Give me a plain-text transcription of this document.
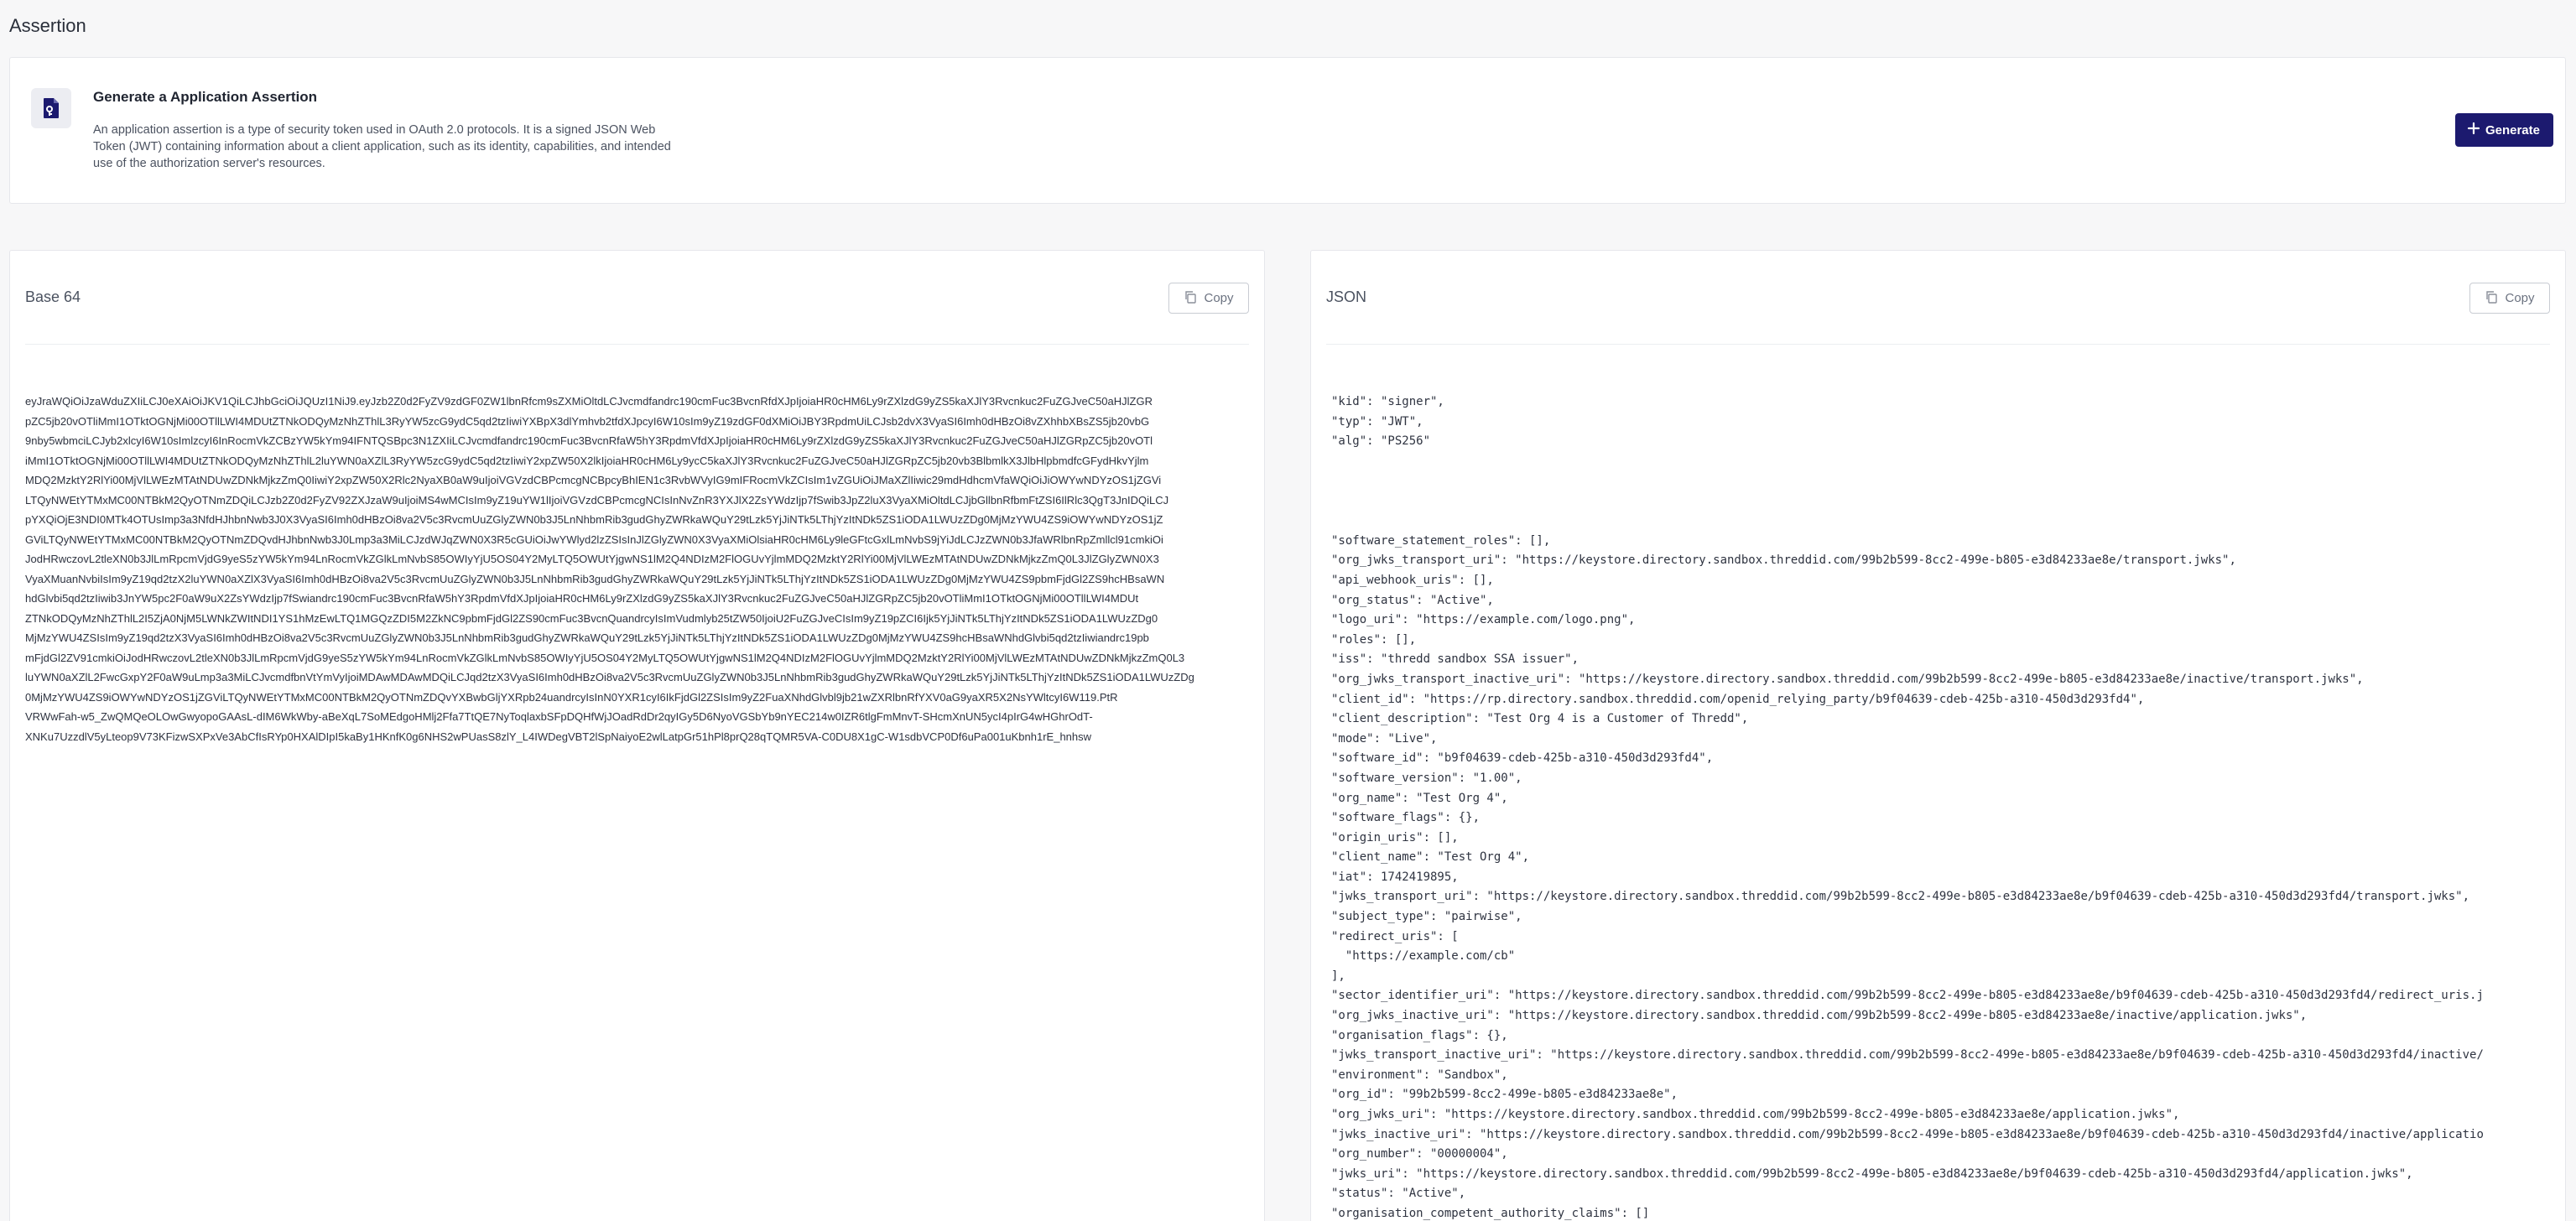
Assertion
Generate a Application Assertion
An application assertion is a type of security token used in OAuth 2.0 protocols. It is a signed JSON Web Token (JWT) containing information about a client application, such as its identity, capabilities, and intended use of the authorization server's resources.
Generate
Base 64	Copy
eyJraWQiOiJzaWduZXIiLCJ0eXAiOiJKV1QiLCJhbGciOiJQUzI1NiJ9.eyJzb2Z0d2FyZV9zdGF0ZW1lbnRfcm9sZXMiOltdLCJvcmdfandrc190cmFuc3BvcnRfdXJpIjoiaHR0cHM6Ly9rZXlzdG9yZS5kaXJlY3Rvcnkuc2FuZGJveC50aHJlZGR
pZC5jb20vOTliMmI1OTktOGNjMi00OTllLWI4MDUtZTNkODQyMzNhZThlL3RyYW5zcG9ydC5qd2tzIiwiYXBpX3dlYmhvb2tfdXJpcyI6W10sIm9yZ19zdGF0dXMiOiJBY3RpdmUiLCJsb2dvX3VyaSI6Imh0dHBzOi8vZXhhbXBsZS5jb20vbG
9nby5wbmciLCJyb2xlcyI6W10sImlzcyI6InRocmVkZCBzYW5kYm94IFNTQSBpc3N1ZXIiLCJvcmdfandrc190cmFuc3BvcnRfaW5hY3RpdmVfdXJpIjoiaHR0cHM6Ly9rZXlzdG9yZS5kaXJlY3Rvcnkuc2FuZGJveC50aHJlZGRpZC5jb20vOTl
iMmI1OTktOGNjMi00OTllLWI4MDUtZTNkODQyMzNhZThlL2luYWN0aXZlL3RyYW5zcG9ydC5qd2tzIiwiY2xpZW50X2lkIjoiaHR0cHM6Ly9ycC5kaXJlY3Rvcnkuc2FuZGJveC50aHJlZGRpZC5jb20vb3BlbmlkX3JlbHlpbmdfcGFydHkvYjlm
MDQ2MzktY2RlYi00MjVlLWEzMTAtNDUwZDNkMjkzZmQ0IiwiY2xpZW50X2Rlc2NyaXB0aW9uIjoiVGVzdCBPcmcgNCBpcyBhIEN1c3RvbWVyIG9mIFRocmVkZCIsIm1vZGUiOiJMaXZlIiwic29mdHdhcmVfaWQiOiJiOWYwNDYzOS1jZGVi
LTQyNWEtYTMxMC00NTBkM2QyOTNmZDQiLCJzb2Z0d2FyZV92ZXJzaW9uIjoiMS4wMCIsIm9yZ19uYW1lIjoiVGVzdCBPcmcgNCIsInNvZnR3YXJlX2ZsYWdzIjp7fSwib3JpZ2luX3VyaXMiOltdLCJjbGllbnRfbmFtZSI6IlRlc3QgT3JnIDQiLCJ
pYXQiOjE3NDI0MTk4OTUsImp3a3NfdHJhbnNwb3J0X3VyaSI6Imh0dHBzOi8va2V5c3RvcmUuZGlyZWN0b3J5LnNhbmRib3gudGhyZWRkaWQuY29tLzk5YjJiNTk5LThjYzItNDk5ZS1iODA1LWUzZDg0MjMzYWU4ZS9iOWYwNDYzOS1jZ
GViLTQyNWEtYTMxMC00NTBkM2QyOTNmZDQvdHJhbnNwb3J0Lmp3a3MiLCJzdWJqZWN0X3R5cGUiOiJwYWlyd2lzZSIsInJlZGlyZWN0X3VyaXMiOlsiaHR0cHM6Ly9leGFtcGxlLmNvbS9jYiJdLCJzZWN0b3JfaWRlbnRpZmllcl91cmkiOi
JodHRwczovL2tleXN0b3JlLmRpcmVjdG9yeS5zYW5kYm94LnRocmVkZGlkLmNvbS85OWIyYjU5OS04Y2MyLTQ5OWUtYjgwNS1lM2Q4NDIzM2FlOGUvYjlmMDQ2MzktY2RlYi00MjVlLWEzMTAtNDUwZDNkMjkzZmQ0L3JlZGlyZWN0X3
VyaXMuanNvbiIsIm9yZ19qd2tzX2luYWN0aXZlX3VyaSI6Imh0dHBzOi8va2V5c3RvcmUuZGlyZWN0b3J5LnNhbmRib3gudGhyZWRkaWQuY29tLzk5YjJiNTk5LThjYzItNDk5ZS1iODA1LWUzZDg0MjMzYWU4ZS9pbmFjdGl2ZS9hcHBsaWN
hdGlvbi5qd2tzIiwib3JnYW5pc2F0aW9uX2ZsYWdzIjp7fSwiandrc190cmFuc3BvcnRfaW5hY3RpdmVfdXJpIjoiaHR0cHM6Ly9rZXlzdG9yZS5kaXJlY3Rvcnkuc2FuZGJveC50aHJlZGRpZC5jb20vOTliMmI1OTktOGNjMi00OTllLWI4MDUt
ZTNkODQyMzNhZThlL2I5ZjA0NjM5LWNkZWItNDI1YS1hMzEwLTQ1MGQzZDI5M2ZkNC9pbmFjdGl2ZS90cmFuc3BvcnQuandrcyIsImVudmlyb25tZW50IjoiU2FuZGJveCIsIm9yZ19pZCI6Ijk5YjJiNTk5LThjYzItNDk5ZS1iODA1LWUzZDg0
MjMzYWU4ZSIsIm9yZ19qd2tzX3VyaSI6Imh0dHBzOi8va2V5c3RvcmUuZGlyZWN0b3J5LnNhbmRib3gudGhyZWRkaWQuY29tLzk5YjJiNTk5LThjYzItNDk5ZS1iODA1LWUzZDg0MjMzYWU4ZS9hcHBsaWNhdGlvbi5qd2tzIiwiandrc19pb
mFjdGl2ZV91cmkiOiJodHRwczovL2tleXN0b3JlLmRpcmVjdG9yeS5zYW5kYm94LnRocmVkZGlkLmNvbS85OWIyYjU5OS04Y2MyLTQ5OWUtYjgwNS1lM2Q4NDIzM2FlOGUvYjlmMDQ2MzktY2RlYi00MjVlLWEzMTAtNDUwZDNkMjkzZmQ0L3
luYWN0aXZlL2FwcGxpY2F0aW9uLmp3a3MiLCJvcmdfbnVtYmVyIjoiMDAwMDAwMDQiLCJqd2tzX3VyaSI6Imh0dHBzOi8va2V5c3RvcmUuZGlyZWN0b3J5LnNhbmRib3gudGhyZWRkaWQuY29tLzk5YjJiNTk5LThjYzItNDk5ZS1iODA1LWUzZDg
0MjMzYWU4ZS9iOWYwNDYzOS1jZGViLTQyNWEtYTMxMC00NTBkM2QyOTNmZDQvYXBwbGljYXRpb24uandrcyIsInN0YXR1cyI6IkFjdGl2ZSIsIm9yZ2FuaXNhdGlvbl9jb21wZXRlbnRfYXV0aG9yaXR5X2NsYWltcyI6W119.PtR
VRWwFah-w5_ZwQMQeOLOwGwyopoGAAsL-dIM6WkWby-aBeXqL7SoMEdgoHMlj2Ffa7TtQE7NyToqlaxbSFpDQHfWjJOadRdDr2qyIGy5D6NyoVGSbYb9nYEC214w0IZR6tlgFmMnvT-SHcmXnUN5ycI4pIrG4wHGhrOdT-
XNKu7UzzdlV5yLteop9V73KFizwSXPxVe3AbCfIsRYp0HXAlDIpI5kaBy1HKnfK0g6NHS2wPUasS8zlY_L4IWDegVBT2lSpNaiyoE2wlLatpGr51hPl8prQ28qTQMR5VA-C0DU8X1gC-W1sdbVCP0Df6uPa001uKbnh1rE_hnhsw
JSON	Copy
"kid": "signer",
"typ": "JWT",
"alg": "PS256"
"software_statement_roles": [],
"org_jwks_transport_uri": "https://keystore.directory.sandbox.threddid.com/99b2b599-8cc2-499e-b805-e3d84233ae8e/transport.jwks",
"api_webhook_uris": [],
"org_status": "Active",
"logo_uri": "https://example.com/logo.png",
"roles": [],
"iss": "thredd sandbox SSA issuer",
"org_jwks_transport_inactive_uri": "https://keystore.directory.sandbox.threddid.com/99b2b599-8cc2-499e-b805-e3d84233ae8e/inactive/transport.jwks",
"client_id": "https://rp.directory.sandbox.threddid.com/openid_relying_party/b9f04639-cdeb-425b-a310-450d3d293fd4",
"client_description": "Test Org 4 is a Customer of Thredd",
"mode": "Live",
"software_id": "b9f04639-cdeb-425b-a310-450d3d293fd4",
"software_version": "1.00",
"org_name": "Test Org 4",
"software_flags": {},
"origin_uris": [],
"client_name": "Test Org 4",
"iat": 1742419895,
"jwks_transport_uri": "https://keystore.directory.sandbox.threddid.com/99b2b599-8cc2-499e-b805-e3d84233ae8e/b9f04639-cdeb-425b-a310-450d3d293fd4/transport.jwks",
"subject_type": "pairwise",
"redirect_uris": [
"https://example.com/cb"
],
"sector_identifier_uri": "https://keystore.directory.sandbox.threddid.com/99b2b599-8cc2-499e-b805-e3d84233ae8e/b9f04639-cdeb-425b-a310-450d3d293fd4/redirect_uris.j
"org_jwks_inactive_uri": "https://keystore.directory.sandbox.threddid.com/99b2b599-8cc2-499e-b805-e3d84233ae8e/inactive/application.jwks",
"organisation_flags": {},
"jwks_transport_inactive_uri": "https://keystore.directory.sandbox.threddid.com/99b2b599-8cc2-499e-b805-e3d84233ae8e/b9f04639-cdeb-425b-a310-450d3d293fd4/inactive/
"environment": "Sandbox",
"org_id": "99b2b599-8cc2-499e-b805-e3d84233ae8e",
"org_jwks_uri": "https://keystore.directory.sandbox.threddid.com/99b2b599-8cc2-499e-b805-e3d84233ae8e/application.jwks",
"jwks_inactive_uri": "https://keystore.directory.sandbox.threddid.com/99b2b599-8cc2-499e-b805-e3d84233ae8e/b9f04639-cdeb-425b-a310-450d3d293fd4/inactive/applicatio
"org_number": "00000004",
"jwks_uri": "https://keystore.directory.sandbox.threddid.com/99b2b599-8cc2-499e-b805-e3d84233ae8e/b9f04639-cdeb-425b-a310-450d3d293fd4/application.jwks",
"status": "Active",
"organisation_competent_authority_claims": []
